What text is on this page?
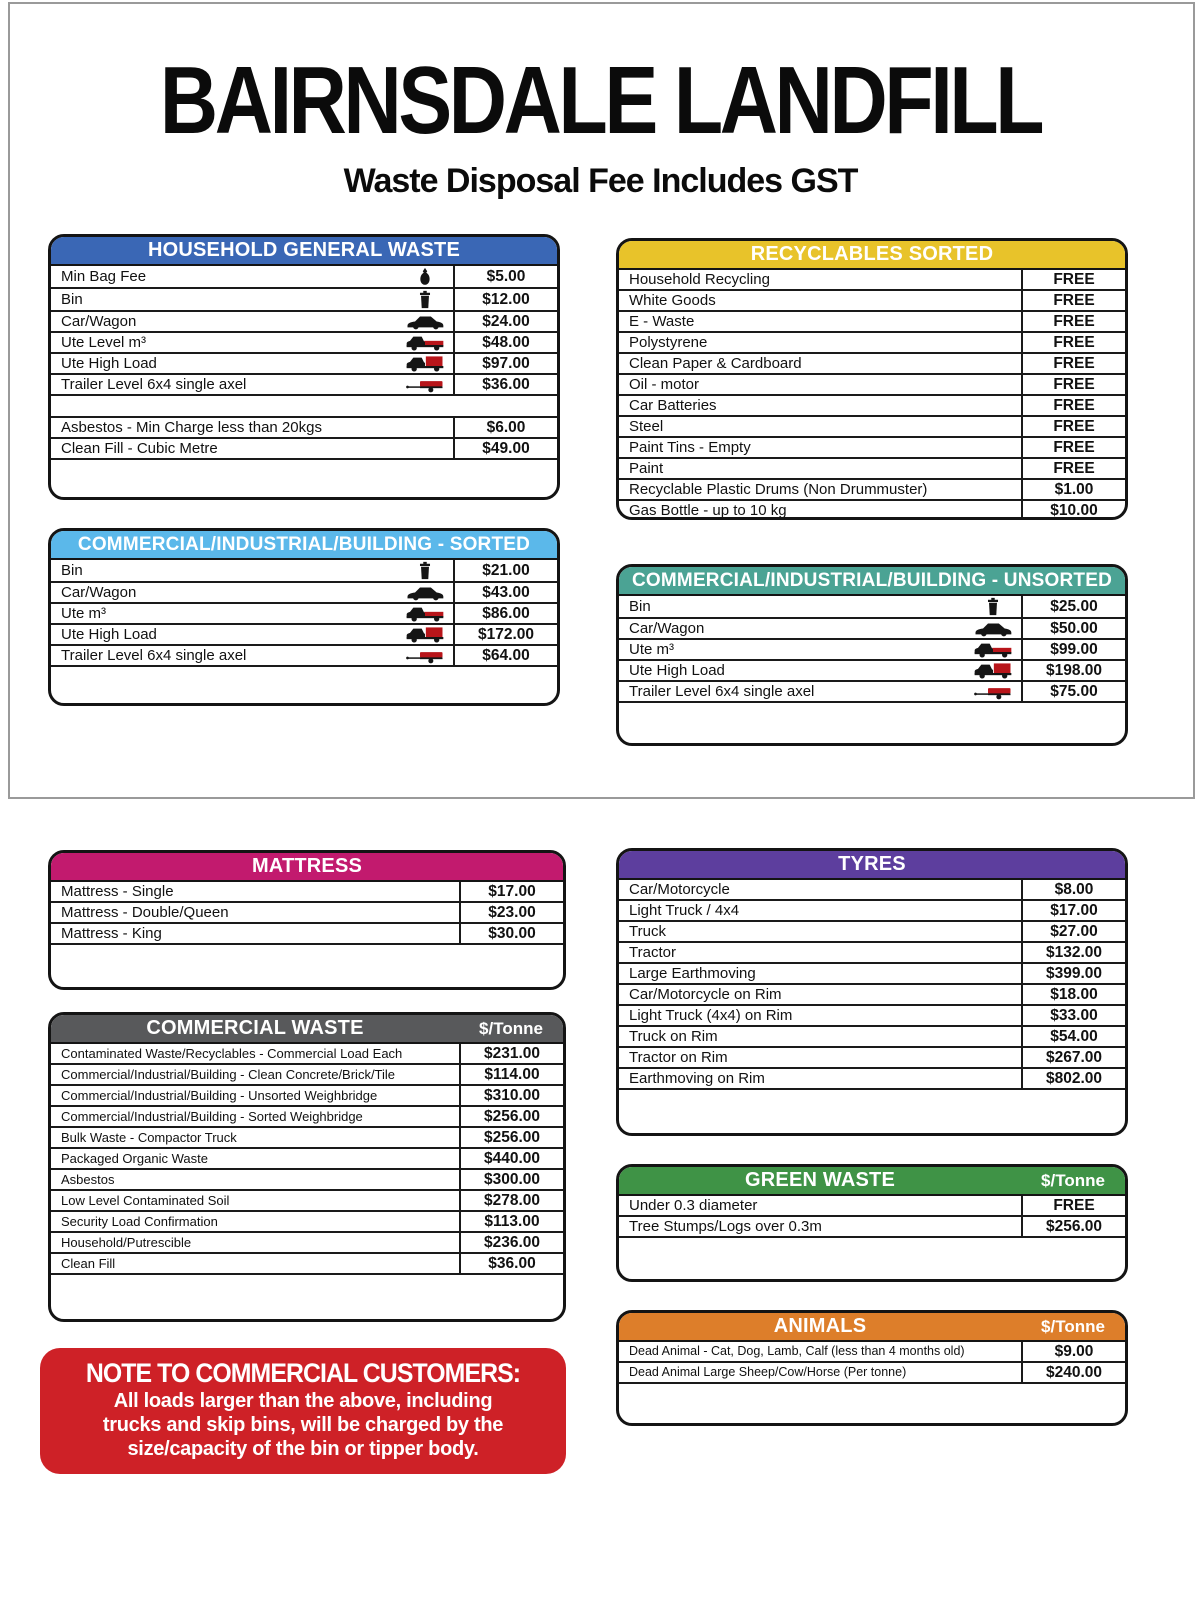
BAIRNSDALE LANDFILL
Waste Disposal Fee Includes GST
HOUSEHOLD GENERAL WASTE
Min Bag Fee	$5.00
Bin	$12.00
Car/Wagon	$24.00
Ute Level m³	$48.00
Ute High Load	$97.00
Trailer Level 6x4 single axel	$36.00
Asbestos - Min Charge less than 20kgs	$6.00
Clean Fill - Cubic Metre	$49.00
RECYCLABLES SORTED
Household Recycling	FREE
White Goods	FREE
E - Waste	FREE
Polystyrene	FREE
Clean Paper & Cardboard	FREE
Oil - motor	FREE
Car Batteries	FREE
Steel	FREE
Paint Tins - Empty	FREE
Paint	FREE
Recyclable Plastic Drums (Non Drummuster)	$1.00
Gas Bottle - up to 10 kg	$10.00
COMMERCIAL/INDUSTRIAL/BUILDING - SORTED
Bin	$21.00
Car/Wagon	$43.00
Ute m³	$86.00
Ute High Load	$172.00
Trailer Level 6x4 single axel	$64.00
COMMERCIAL/INDUSTRIAL/BUILDING - UNSORTED
Bin	$25.00
Car/Wagon	$50.00
Ute m³	$99.00
Ute High Load	$198.00
Trailer Level 6x4 single axel	$75.00
MATTRESS
Mattress - Single	$17.00
Mattress - Double/Queen	$23.00
Mattress - King	$30.00
COMMERCIAL WASTE	$/Tonne
Contaminated Waste/Recyclables - Commercial Load Each	$231.00
Commercial/Industrial/Building - Clean Concrete/Brick/Tile	$114.00
Commercial/Industrial/Building - Unsorted Weighbridge	$310.00
Commercial/Industrial/Building - Sorted Weighbridge	$256.00
Bulk Waste - Compactor Truck	$256.00
Packaged Organic Waste	$440.00
Asbestos	$300.00
Low Level Contaminated Soil	$278.00
Security Load Confirmation	$113.00
Household/Putrescible	$236.00
Clean Fill	$36.00
TYRES
Car/Motorcycle	$8.00
Light Truck / 4x4	$17.00
Truck	$27.00
Tractor	$132.00
Large Earthmoving	$399.00
Car/Motorcycle on Rim	$18.00
Light Truck (4x4) on Rim	$33.00
Truck on Rim	$54.00
Tractor on Rim	$267.00
Earthmoving on Rim	$802.00
GREEN WASTE	$/Tonne
Under 0.3 diameter	FREE
Tree Stumps/Logs over 0.3m	$256.00
ANIMALS	$/Tonne
Dead Animal - Cat, Dog, Lamb, Calf (less than 4 months old)	$9.00
Dead Animal Large Sheep/Cow/Horse (Per tonne)	$240.00
NOTE TO COMMERCIAL CUSTOMERS:
All loads larger than the above, including
trucks and skip bins, will be charged by the
size/capacity of the bin or tipper body.
